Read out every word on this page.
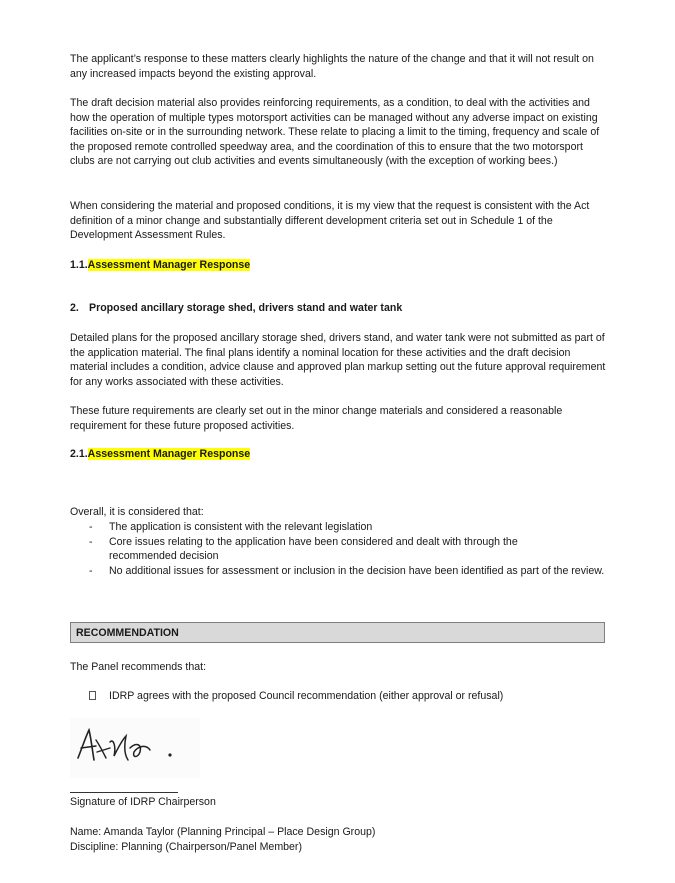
The applicant’s response to these matters clearly highlights the nature of the change and that it will not result on any increased impacts beyond the existing approval.

The draft decision material also provides reinforcing requirements, as a condition, to deal with the activities and how the operation of multiple types motorsport activities can be managed without any adverse impact on existing facilities on-site or in the surrounding network. These relate to placing a limit to the timing, frequency and scale of the proposed remote controlled speedway area, and the coordination of this to ensure that the two motorsport clubs are not carrying out club activities and events simultaneously (with the exception of working bees.)

When considering the material and proposed conditions, it is my view that the request is consistent with the Act definition of a minor change and substantially different development criteria set out in Schedule 1 of the Development Assessment Rules.

1.1.Assessment Manager Response

2. Proposed ancillary storage shed, drivers stand and water tank

Detailed plans for the proposed ancillary storage shed, drivers stand, and water tank were not submitted as part of the application material. The final plans identify a nominal location for these activities and the draft decision material includes a condition, advice clause and approved plan markup setting out the future approval requirement for any works associated with these activities.

These future requirements are clearly set out in the minor change materials and considered a reasonable requirement for these future proposed activities.

2.1.Assessment Manager Response

Overall, it is considered that:

- The application is consistent with the relevant legislation
- Core issues relating to the application have been considered and dealt with through the recommended decision
- No additional issues for assessment or inclusion in the decision have been identified as part of the review.
RECOMMENDATION

The Panel recommends that:

IDRP agrees with the proposed Council recommendation (either approval or refusal)

Signature of IDRP Chairperson

Name: Amanda Taylor (Planning Principal – Place Design Group)

Discipline: Planning (Chairperson/Panel Member)
